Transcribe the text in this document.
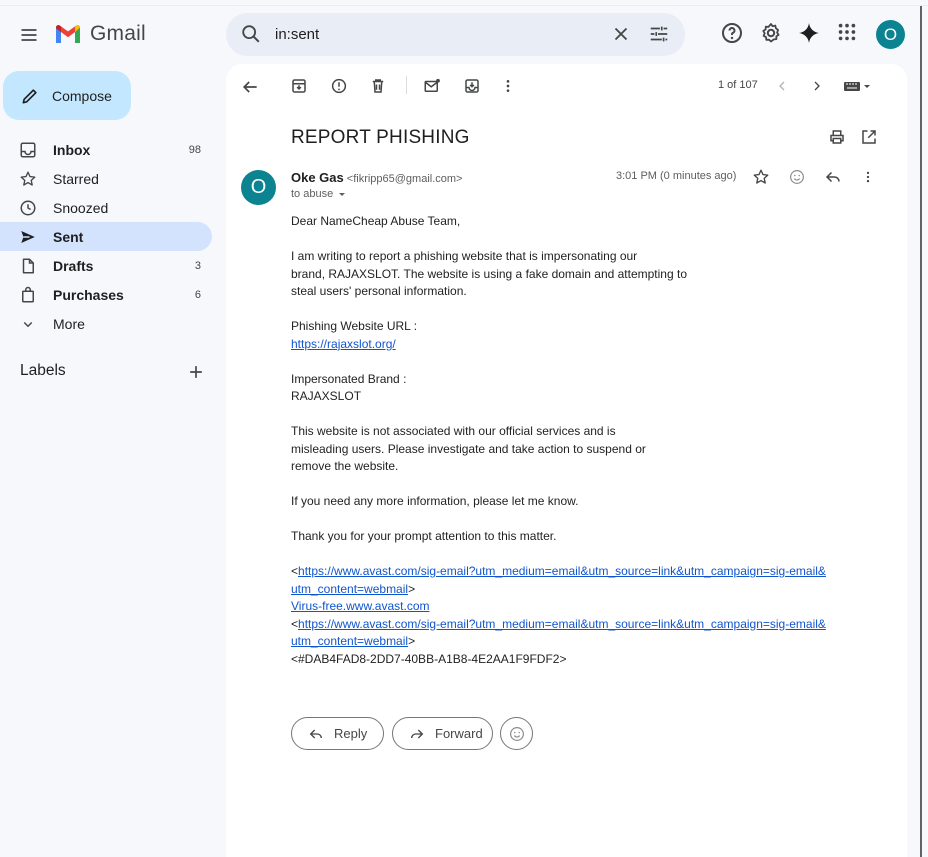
Gmail	in:sent	O
Compose
Inbox	98
Starred
Snoozed
Sent
Drafts	3
Purchases	6
More
Labels
1 of 107
REPORT PHISHING
O	Oke Gas <fikripp65@gmail.com>
to abuse
3:01 PM (0 minutes ago)

Dear NameCheap Abuse Team,

I am writing to report a phishing website that is impersonating our

brand, RAJAXSLOT. The website is using a fake domain and attempting to

steal users' personal information.

Phishing Website URL :

https://rajaxslot.org/

Impersonated Brand :

RAJAXSLOT

This website is not associated with our official services and is

misleading users. Please investigate and take action to suspend or

remove the website.

If you need any more information, please let me know.

Thank you for your prompt attention to this matter.

<https://www.avast.com/sig-email?utm_medium=email&utm_source=link&utm_campaign=sig-email&

utm_content=webmail>

Virus-free.www.avast.com

<https://www.avast.com/sig-email?utm_medium=email&utm_source=link&utm_campaign=sig-email&

utm_content=webmail>

<#DAB4FAD8-2DD7-40BB-A1B8-4E2AA1F9FDF2>

Reply	Forward
